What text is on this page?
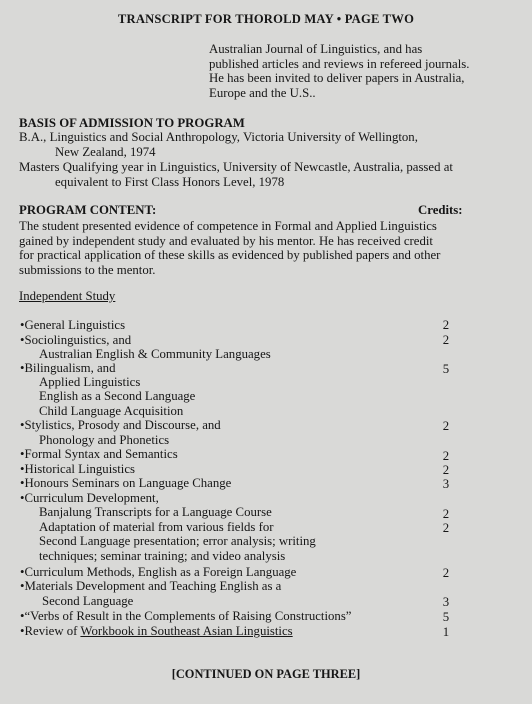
TRANSCRIPT FOR THOROLD MAY • PAGE TWO
Australian Journal of Linguistics, and has
published articles and reviews in refereed journals.
He has been invited to deliver papers in Australia,
Europe and the U.S..
BASIS OF ADMISSION TO PROGRAM
B.A., Linguistics and Social Anthropology, Victoria University of Wellington,
New Zealand, 1974
Masters Qualifying year in Linguistics, University of Newcastle, Australia, passed at
equivalent to First Class Honors Level, 1978
PROGRAM CONTENT:	Credits:
The student presented evidence of competence in Formal and Applied Linguistics
gained by independent study and evaluated by his mentor. He has received credit
for practical application of these skills as evidenced by published papers and other
submissions to the mentor.
Independent Study
•General Linguistics
•Sociolinguistics, and
Australian English & Community Languages
•Bilingualism, and
Applied Linguistics
English as a Second Language
Child Language Acquisition
•Stylistics, Prosody and Discourse, and
Phonology and Phonetics
•Formal Syntax and Semantics
•Historical Linguistics
•Honours Seminars on Language Change
•Curriculum Development,
Banjalung Transcripts for a Language Course
Adaptation of material from various fields for
Second Language presentation; error analysis; writing
techniques; seminar training; and video analysis
•Curriculum Methods, English as a Foreign Language
•Materials Development and Teaching English as a
Second Language
•“Verbs of Result in the Complements of Raising Constructions”
•Review of Workbook in Southeast Asian Linguistics
2
2
5
2
2
2
3
2
2
2
3
5
1
[CONTINUED ON PAGE THREE]
